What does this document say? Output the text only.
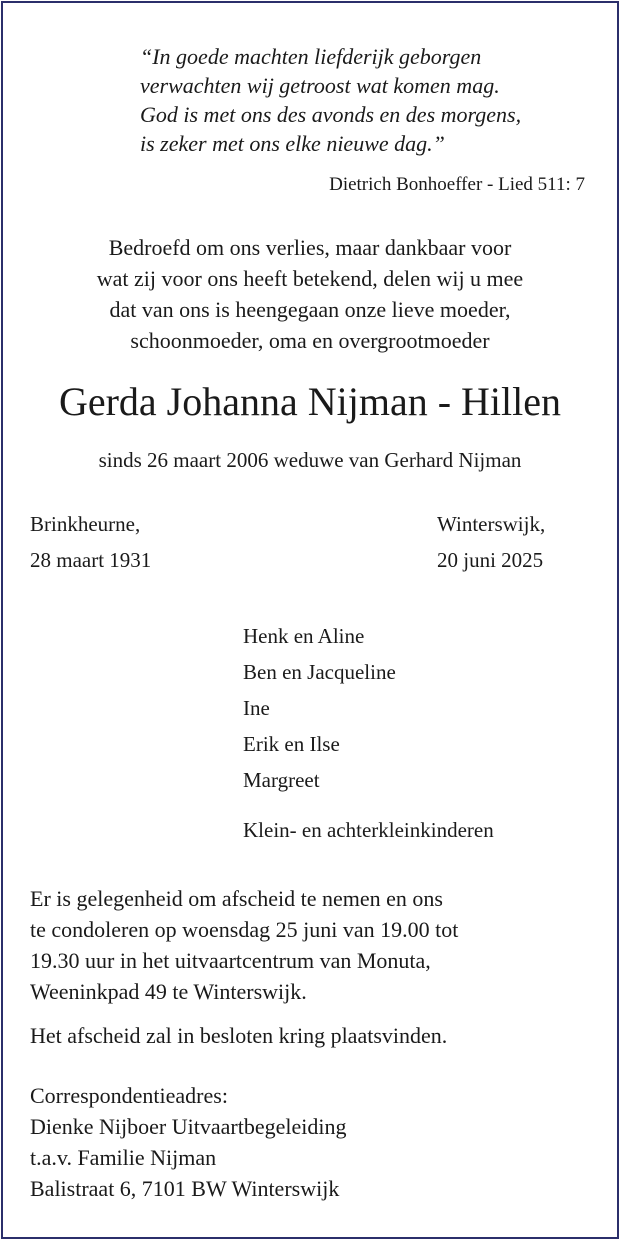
“In goede machten liefderijk geborgen
verwachten wij getroost wat komen mag.
God is met ons des avonds en des morgens,
is zeker met ons elke nieuwe dag.”
Dietrich Bonhoeffer - Lied 511: 7
Bedroefd om ons verlies, maar dankbaar voor
wat zij voor ons heeft betekend, delen wij u mee
dat van ons is heengegaan onze lieve moeder,
schoonmoeder, oma en overgrootmoeder
Gerda Johanna Nijman - Hillen
sinds 26 maart 2006 weduwe van Gerhard Nijman
Brinkheurne,
28 maart 1931
Winterswijk,
20 juni 2025
Henk en Aline
Ben en Jacqueline
Ine
Erik en Ilse
Margreet
Klein- en achterkleinkinderen
Er is gelegenheid om afscheid te nemen en ons
te condoleren op woensdag 25 juni van 19.00 tot
19.30 uur in het uitvaartcentrum van Monuta,
Weeninkpad 49 te Winterswijk.
Het afscheid zal in besloten kring plaatsvinden.
Correspondentieadres:
Dienke Nijboer Uitvaartbegeleiding
t.a.v. Familie Nijman
Balistraat 6, 7101 BW Winterswijk
